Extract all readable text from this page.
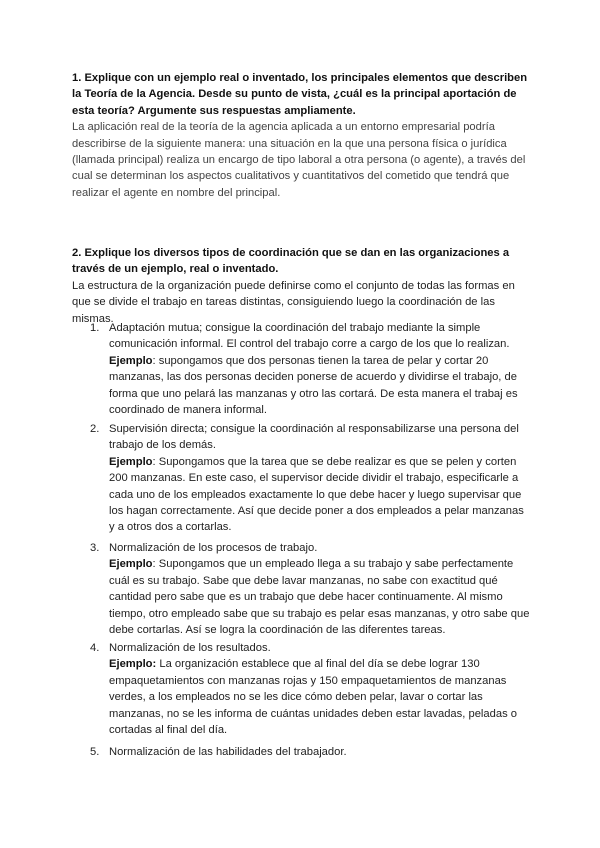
1. Explique con un ejemplo real o inventado, los principales elementos que describen
la Teoría de la Agencia. Desde su punto de vista, ¿cuál es la principal aportación de
esta teoría? Argumente sus respuestas ampliamente.
La aplicación real de la teoría de la agencia aplicada a un entorno empresarial podría
describirse de la siguiente manera: una situación en la que una persona física o jurídica
(llamada principal) realiza un encargo de tipo laboral a otra persona (o agente), a través del
cual se determinan los aspectos cualitativos y cuantitativos del cometido que tendrá que
realizar el agente en nombre del principal.
2. Explique los diversos tipos de coordinación que se dan en las organizaciones a
través de un ejemplo, real o inventado.
La estructura de la organización puede definirse como el conjunto de todas las formas en
que se divide el trabajo en tareas distintas, consiguiendo luego la coordinación de las
mismas.
1. Adaptación mutua; consigue la coordinación del trabajo mediante la simple
comunicación informal. El control del trabajo corre a cargo de los que lo realizan.
Ejemplo: supongamos que dos personas tienen la tarea de pelar y cortar 20
manzanas, las dos personas deciden ponerse de acuerdo y dividirse el trabajo, de
forma que uno pelará las manzanas y otro las cortará. De esta manera el trabaj es
coordinado de manera informal.
2. Supervisión directa; consigue la coordinación al responsabilizarse una persona del
trabajo de los demás.
Ejemplo: Supongamos que la tarea que se debe realizar es que se pelen y corten
200 manzanas. En este caso, el supervisor decide dividir el trabajo, especificarle a
cada uno de los empleados exactamente lo que debe hacer y luego supervisar que
los hagan correctamente. Así que decide poner a dos empleados a pelar manzanas
y a otros dos a cortarlas.
3. Normalización de los procesos de trabajo.
Ejemplo: Supongamos que un empleado llega a su trabajo y sabe perfectamente
cuál es su trabajo. Sabe que debe lavar manzanas, no sabe con exactitud qué
cantidad pero sabe que es un trabajo que debe hacer continuamente. Al mismo
tiempo, otro empleado sabe que su trabajo es pelar esas manzanas, y otro sabe que
debe cortarlas. Así se logra la coordinación de las diferentes tareas.
4. Normalización de los resultados.
Ejemplo: La organización establece que al final del día se debe lograr 130
empaquetamientos con manzanas rojas y 150 empaquetamientos de manzanas
verdes, a los empleados no se les dice cómo deben pelar, lavar o cortar las
manzanas, no se les informa de cuántas unidades deben estar lavadas, peladas o
cortadas al final del día.
5. Normalización de las habilidades del trabajador.
